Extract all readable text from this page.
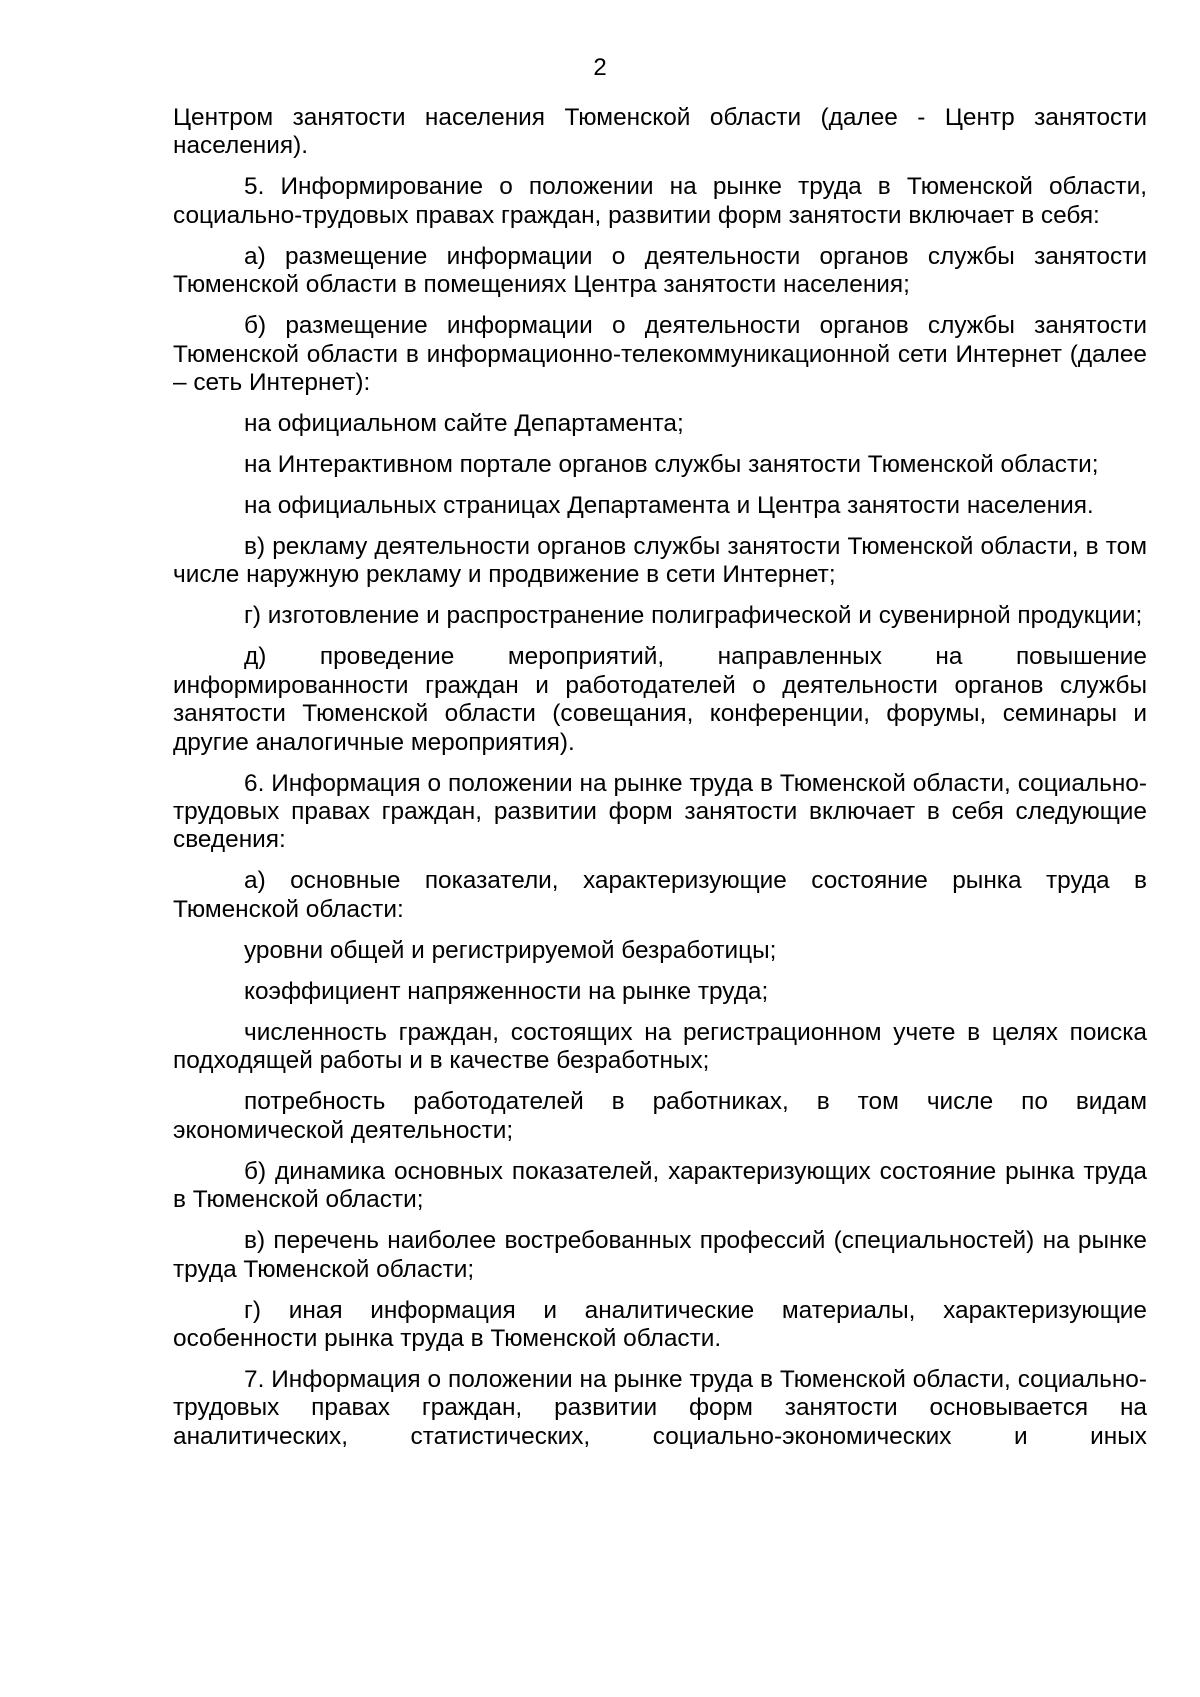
2

Центром занятости населения Тюменской области (далее - Центр занятости населения).

5. Информирование о положении на рынке труда в Тюменской области, социально-трудовых правах граждан, развитии форм занятости включает в себя:

а) размещение информации о деятельности органов службы занятости Тюменской области в помещениях Центра занятости населения;

б) размещение информации о деятельности органов службы занятости Тюменской области в информационно-телекоммуникационной сети Интернет (далее – сеть Интернет):

на официальном сайте Департамента;

на Интерактивном портале органов службы занятости Тюменской области;

на официальных страницах Департамента и Центра занятости населения.

в) рекламу деятельности органов службы занятости Тюменской области, в том числе наружную рекламу и продвижение в сети Интернет;

г) изготовление и распространение полиграфической и сувенирной продукции;

д) проведение мероприятий, направленных на повышение информированности граждан и работодателей о деятельности органов службы занятости Тюменской области (совещания, конференции, форумы, семинары и другие аналогичные мероприятия).

6. Информация о положении на рынке труда в Тюменской области, социально-трудовых правах граждан, развитии форм занятости включает в себя следующие сведения:

а) основные показатели, характеризующие состояние рынка труда в Тюменской области:

уровни общей и регистрируемой безработицы;

коэффициент напряженности на рынке труда;

численность граждан, состоящих на регистрационном учете в целях поиска подходящей работы и в качестве безработных;

потребность работодателей в работниках, в том числе по видам экономической деятельности;

б) динамика основных показателей, характеризующих состояние рынка труда в Тюменской области;

в) перечень наиболее востребованных профессий (специальностей) на рынке труда Тюменской области;

г) иная информация и аналитические материалы, характеризующие особенности рынка труда в Тюменской области.

7. Информация о положении на рынке труда в Тюменской области, социально-трудовых правах граждан, развитии форм занятости основывается на аналитических, статистических, социально-экономических и иных
